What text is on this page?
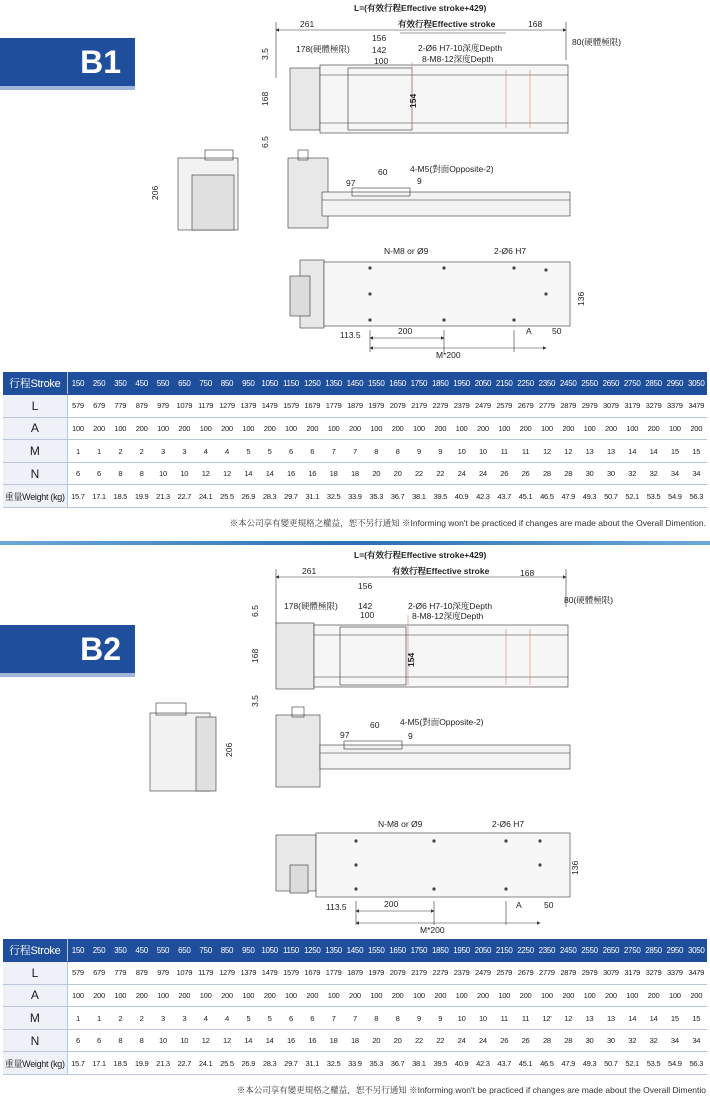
B1
L=(有效行程Effective stroke+429)
261	有效行程Effective stroke	168
156	80(硬體極限)
178(硬體極限)	142
100
2-Ø6 H7-10深度Depth
8-M8-12深度Depth
3.5
168	154
6.5
206
97
60	4-M5(對面Opposite-2)
9
N-M8 or Ø9	2-Ø6 H7
136
113.5	200	A 50
M*200
行程Stroke	150	250	350	450	550	650	750	850	950	1050	1150	1250	1350	1450	1550	1650	1750	1850	1950	2050	2150	2250	2350	2450	2550	2650	2750	2850	2950	3050
L	579	679	779	879	979	1079	1179	1279	1379	1479	1579	1679	1779	1879	1979	2079	2179	2279	2379	2479	2579	2679	2779	2879	2979	3079	3179	3279	3379	3479
A	100	200	100	200	100	200	100	200	100	200	100	200	100	200	100	200	100	200	100	200	100	200	100	200	100	200	100	200	100	200
M	1	1	2	2	3	3	4	4	5	5	6	6	7	7	8	8	9	9	10	10	11	11	12	12	13	13	14	14	15	15
N	6	6	8	8	10	10	12	12	14	14	16	16	18	18	20	20	22	22	24	24	26	26	28	28	30	30	32	32	34	34
重量Weight (kg)	15.7	17.1	18.5	19.9	21.3	22.7	24.1	25.5	26.9	28.3	29.7	31.1	32.5	33.9	35.3	36.7	38.1	39.5	40.9	42.3	43.7	45.1	46.5	47.9	49.3	50.7	52.1	53.5	54.9	56.3
※本公司享有變更規格之權益，恕不另行通知 ※Informing won't be practiced if changes are made about the Overall Dimention.
B2
L=(有效行程Effective stroke+429)
261	有效行程Effective stroke	168
156
80(硬體極限)
178(硬體極限) 142
100
2-Ø6 H7-10深度Depth
8-M8-12深度Depth
6.5
168	154
3.5
206
97
60 4-M5(對面Opposite-2)
9
N-M8 or Ø9	2-Ø6 H7
136
113.5	200	A	50
M*200
行程Stroke	150	250	350	450	550	650	750	850	950	1050	1150	1250	1350	1450	1550	1650	1750	1850	1950	2050	2150	2250	2350	2450	2550	2650	2750	2850	2950	3050
L	579	679	779	879	979	1079	1179	1279	1379	1479	1579	1679	1779	1879	1979	2079	2179	2279	2379	2479	2579	2679	2779	2879	2979	3079	3179	3279	3379	3479
A	100	200	100	200	100	200	100	200	100	200	100	200	100	200	100	200	100	200	100	200	100	200	100	200	100	200	100	200	100	200
M	1	1	2	2	3	3	4	4	5	5	6	6	7	7	8	8	9	9	10	10	11	11	12'	12	13	13	14	14	15	15
N	6	6	8	8	10	10	12	12	14	14	16	16	18	18	20	20	22	22	24	24	26	26	28	28	30	30	32	32	34	34
重量Weight (kg)	15.7	17.1	18.5	19.9	21.3	22.7	24.1	25.5	26.9	28.3	29.7	31.1	32.5	33.9	35.3	36.7	38.1	39.5	40.9	42.3	43.7	45.1	46.5	47.9	49.3	50.7	52.1	53.5	54.9	56.3
※本公司享有變更規格之權益，恕不另行通知 ※Informing won't be practiced if changes are made about the Overall Dimentio
